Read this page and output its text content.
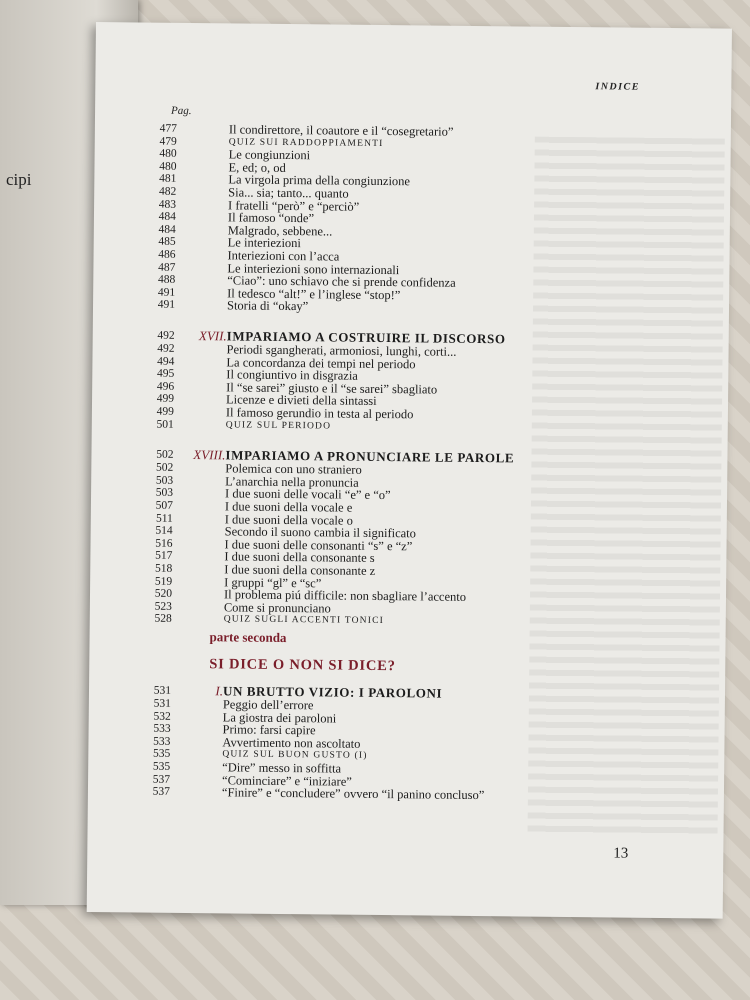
cipi
INDICE
Pag.
477	Il condirettore, il coautore e il “cosegretario”
479	QUIZ SUI RADDOPPIAMENTI
480	Le congiunzioni
480	E, ed; o, od
481	La virgola prima della congiunzione
482	Sia... sia; tanto... quanto
483	I fratelli “però” e “perciò”
484	Il famoso “onde”
484	Malgrado, sebbene...
485	Le interiezioni
486	Interiezioni con l’acca
487	Le interiezioni sono internazionali
488	“Ciao”: uno schiavo che si prende confidenza
491	Il tedesco “alt!” e l’inglese “stop!”
491	Storia di “okay”
492	XVII. IMPARIAMO A COSTRUIRE IL DISCORSO
492	Periodi sgangherati, armoniosi, lunghi, corti...
494	La concordanza dei tempi nel periodo
495	Il congiuntivo in disgrazia
496	Il “se sarei” giusto e il “se sarei” sbagliato
499	Licenze e divieti della sintassi
499	Il famoso gerundio in testa al periodo
501	QUIZ SUL PERIODO
502	XVIII. IMPARIAMO A PRONUNCIARE LE PAROLE
502	Polemica con uno straniero
503	L’anarchia nella pronuncia
503	I due suoni delle vocali “e” e “o”
507	I due suoni della vocale e
511	I due suoni della vocale o
514	Secondo il suono cambia il significato
516	I due suoni delle consonanti “s” e “z”
517	I due suoni della consonante s
518	I due suoni della consonante z
519	I gruppi “gl” e “sc”
520	Il problema piú difficile: non sbagliare l’accento
523	Come si pronunciano
528	QUIZ SUGLI ACCENTI TONICI
531	I. UN BRUTTO VIZIO: I PAROLONI
531	Peggio dell’errore
532	La giostra dei paroloni
533	Primo: farsi capire
533	Avvertimento non ascoltato
535	QUIZ SUL BUON GUSTO (I)
535	“Dire” messo in soffitta
537	“Cominciare” e “iniziare”
537	“Finire” e “concludere” ovvero “il panino concluso”
parte seconda
SI DICE O NON SI DICE?
13
